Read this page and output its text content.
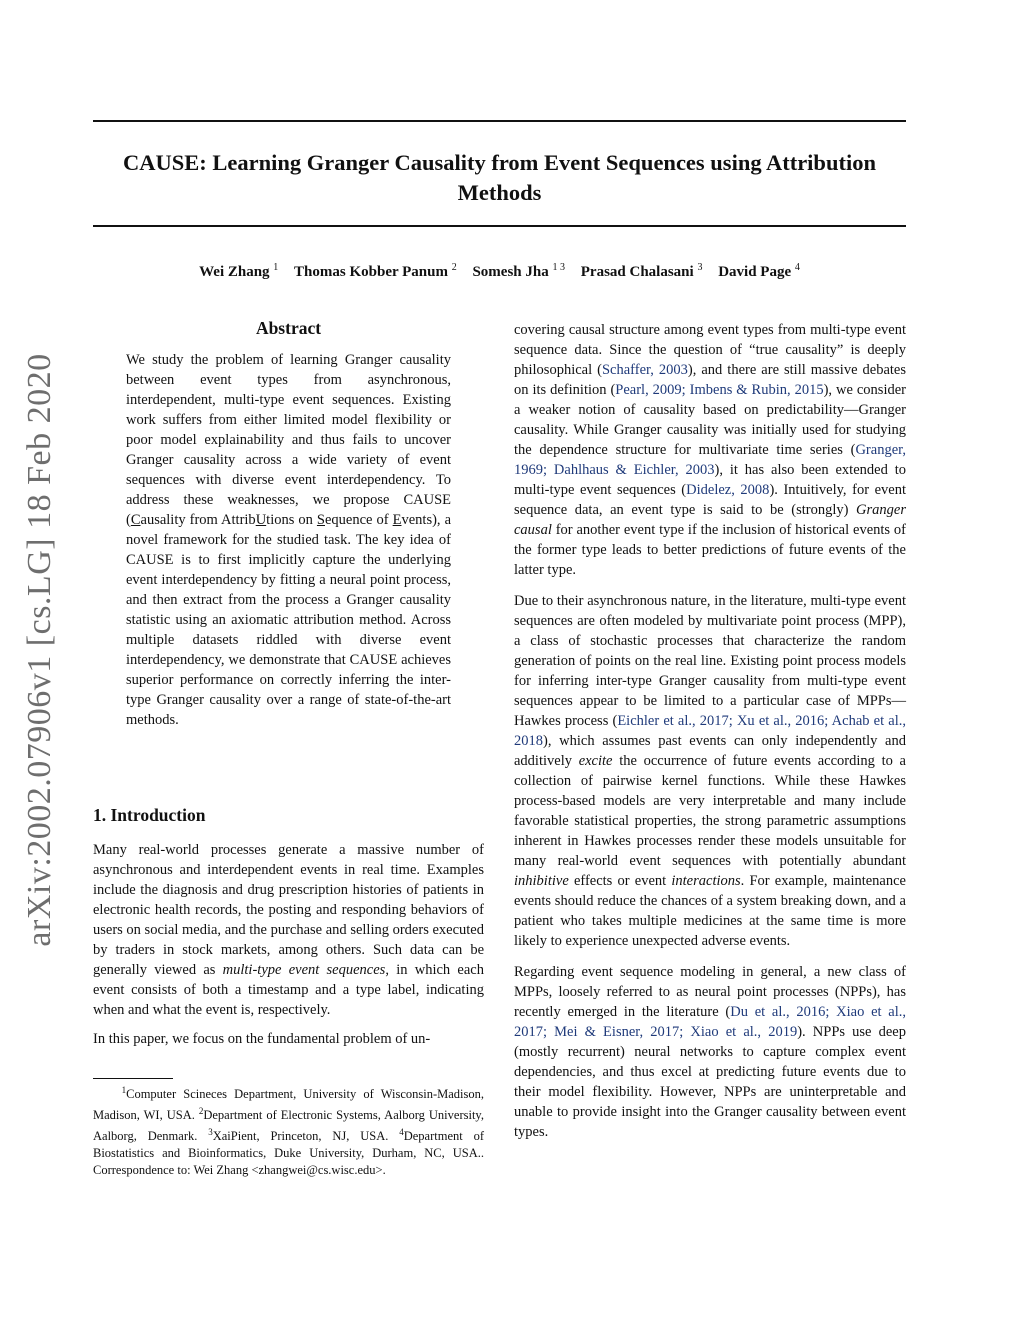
arXiv:2002.07906v1 [cs.LG] 18 Feb 2020
CAUSE: Learning Granger Causality from Event Sequences using Attribution Methods
Wei Zhang $^1$ Thomas Kobber Panum $^2$ Somesh Jha $^{1 3}$ Prasad Chalasani $^3$ David Page $^4$
Abstract

We study the problem of learning Granger causality between event types from asynchronous, interdependent, multi-type event sequences. Existing work suffers from either limited model flexibility or poor model explainability and thus fails to uncover Granger causality across a wide variety of event sequences with diverse event interdependency. To address these weaknesses, we propose CAUSE (Causality from AttribUtions on Sequence of Events), a novel framework for the studied task. The key idea of CAUSE is to first implicitly capture the underlying event interdependency by fitting a neural point process, and then extract from the process a Granger causality statistic using an axiomatic attribution method. Across multiple datasets riddled with diverse event interdependency, we demonstrate that CAUSE achieves superior performance on correctly inferring the inter-type Granger causality over a range of state-of-the-art methods.

1. Introduction

Many real-world processes generate a massive number of asynchronous and interdependent events in real time. Examples include the diagnosis and drug prescription histories of patients in electronic health records, the posting and responding behaviors of users on social media, and the purchase and selling orders executed by traders in stock markets, among others. Such data can be generally viewed as multi-type event sequences, in which each event consists of both a timestamp and a type label, indicating when and what the event is, respectively.

In this paper, we focus on the fundamental problem of un-

$^1$Computer Scineces Department, University of Wisconsin-Madison, Madison, WI, USA. $^2$Department of Electronic Systems, Aalborg University, Aalborg, Denmark. $^3$XaiPient, Princeton, NJ, USA. $^4$Department of Biostatistics and Bioinformatics, Duke University, Durham, NC, USA.. Correspondence to: Wei Zhang <zhangwei@cs.wisc.edu>.

covering causal structure among event types from multi-type event sequence data. Since the question of “true causality” is deeply philosophical (Schaffer, 2003), and there are still massive debates on its definition (Pearl, 2009; Imbens & Rubin, 2015), we consider a weaker notion of causality based on predictability—Granger causality. While Granger causality was initially used for studying the dependence structure for multivariate time series (Granger, 1969; Dahlhaus & Eichler, 2003), it has also been extended to multi-type event sequences (Didelez, 2008). Intuitively, for event sequence data, an event type is said to be (strongly) Granger causal for another event type if the inclusion of historical events of the former type leads to better predictions of future events of the latter type.

Due to their asynchronous nature, in the literature, multi-type event sequences are often modeled by multivariate point process (MPP), a class of stochastic processes that characterize the random generation of points on the real line. Existing point process models for inferring inter-type Granger causality from multi-type event sequences appear to be limited to a particular case of MPPs—Hawkes process (Eichler et al., 2017; Xu et al., 2016; Achab et al., 2018), which assumes past events can only independently and additively excite the occurrence of future events according to a collection of pairwise kernel functions. While these Hawkes process-based models are very interpretable and many include favorable statistical properties, the strong parametric assumptions inherent in Hawkes processes render these models unsuitable for many real-world event sequences with potentially abundant inhibitive effects or event interactions. For example, maintenance events should reduce the chances of a system breaking down, and a patient who takes multiple medicines at the same time is more likely to experience unexpected adverse events.

Regarding event sequence modeling in general, a new class of MPPs, loosely referred to as neural point processes (NPPs), has recently emerged in the literature (Du et al., 2016; Xiao et al., 2017; Mei & Eisner, 2017; Xiao et al., 2019). NPPs use deep (mostly recurrent) neural networks to capture complex event dependencies, and thus excel at predicting future events due to their model flexibility. However, NPPs are uninterpretable and unable to provide insight into the Granger causality between event types.
